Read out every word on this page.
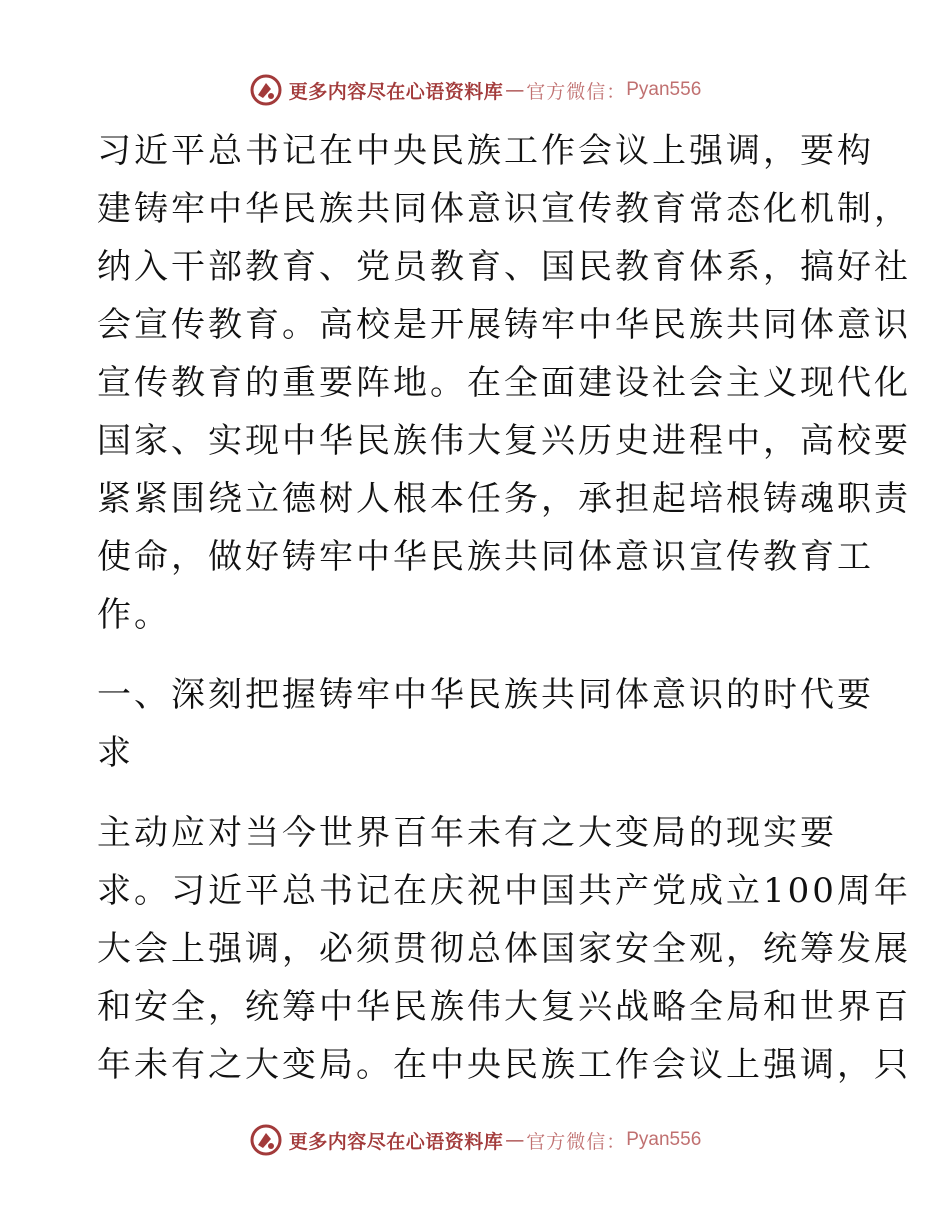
更多内容尽在心语资料库 — 官方微信： Pyan556
习近平总书记在中央民族工作会议上强调，要构
建铸牢中华民族共同体意识宣传教育常态化机制，
纳入干部教育、党员教育、国民教育体系，搞好社
会宣传教育。高校是开展铸牢中华民族共同体意识
宣传教育的重要阵地。在全面建设社会主义现代化
国家、实现中华民族伟大复兴历史进程中，高校要
紧紧围绕立德树人根本任务，承担起培根铸魂职责
使命，做好铸牢中华民族共同体意识宣传教育工
作。
一、深刻把握铸牢中华民族共同体意识的时代要
求
主动应对当今世界百年未有之大变局的现实要
求。习近平总书记在庆祝中国共产党成立100周年
大会上强调，必须贯彻总体国家安全观，统筹发展
和安全，统筹中华民族伟大复兴战略全局和世界百
年未有之大变局。在中央民族工作会议上强调，只
更多内容尽在心语资料库 — 官方微信： Pyan556
